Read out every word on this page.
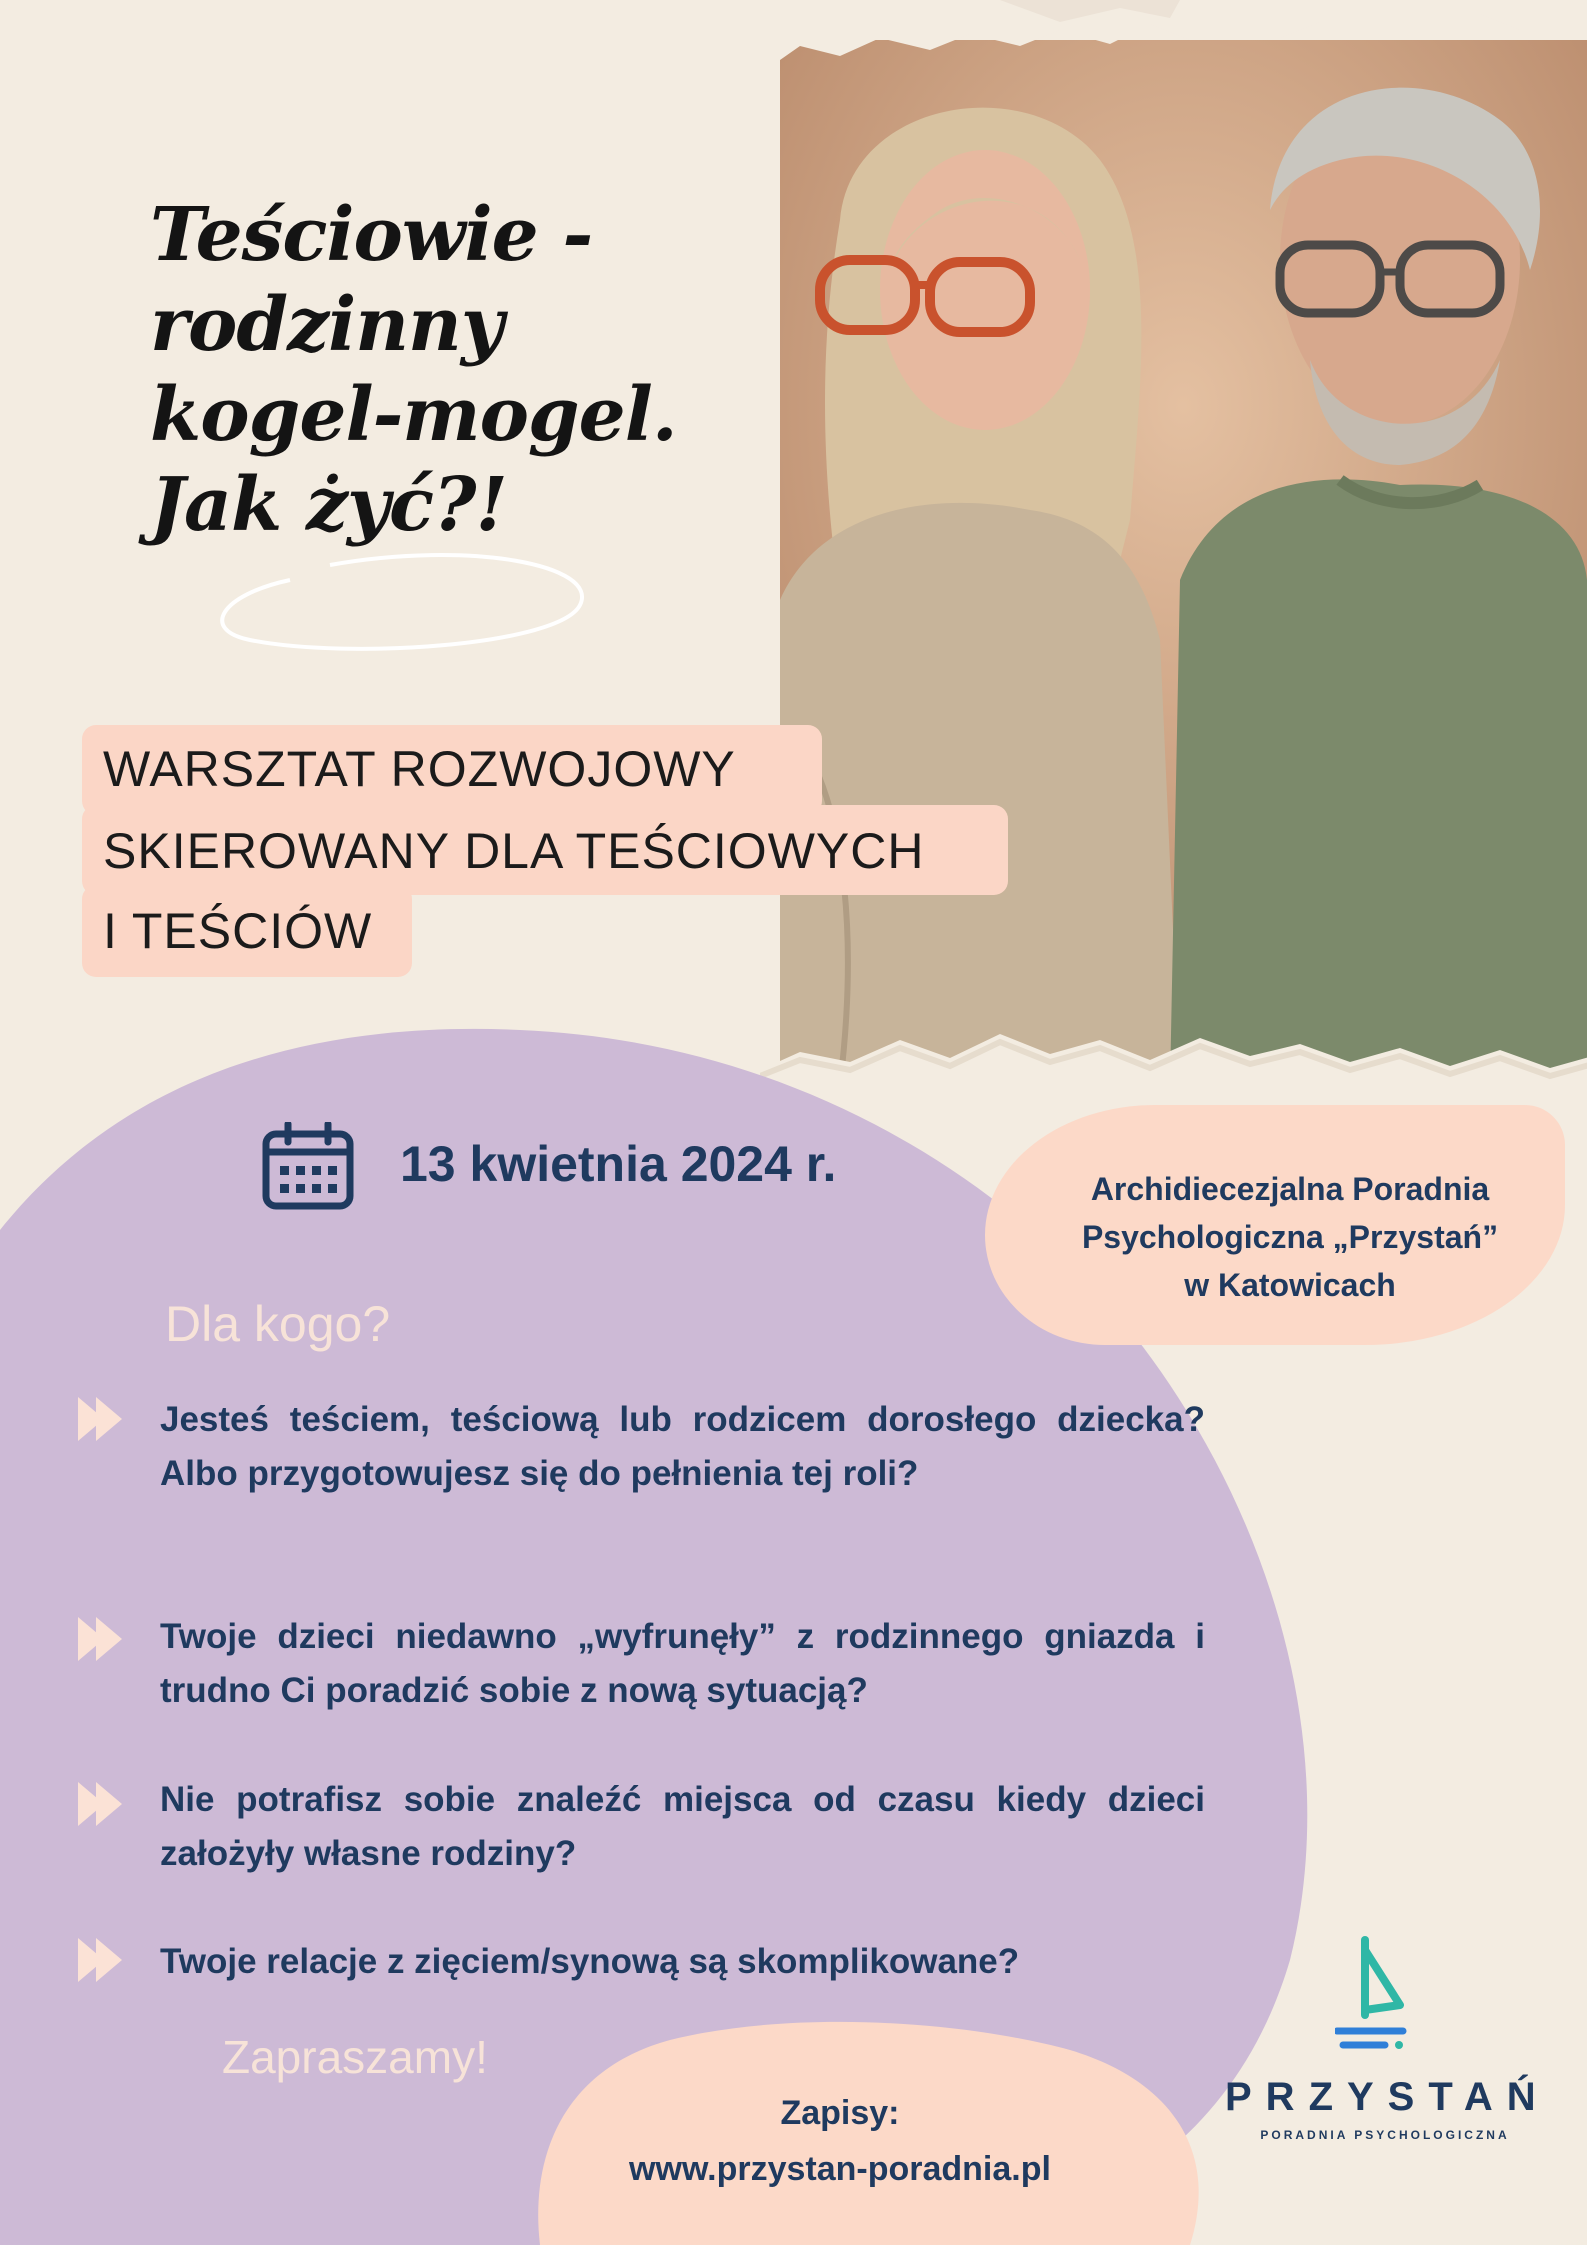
Teściowie -
rodzinny
kogel-mogel.
Jak żyć?!
WARSZTAT ROZWOJOWY
SKIEROWANY DLA TEŚCIOWYCH
I TEŚCIÓW
13 kwietnia 2024 r.	Archidiecezjalna Poradnia
Psychologiczna „Przystań”
w Katowicach
Dla kogo?
Jesteś teściem, teściową lub rodzicem dorosłego dziecka? Albo przygotowujesz się do pełnienia tej roli?
Twoje dzieci niedawno „wyfrunęły” z rodzinnego gniazda i trudno Ci poradzić sobie z nową sytuacją?
Nie potrafisz sobie znaleźć miejsca od czasu kiedy dzieci założyły własne rodziny?
Twoje relacje z zięciem/synową są skomplikowane?
Zapraszamy!
Zapisy:
www.przystan-poradnia.pl
PRZYSTAŃ
PORADNIA PSYCHOLOGICZNA
